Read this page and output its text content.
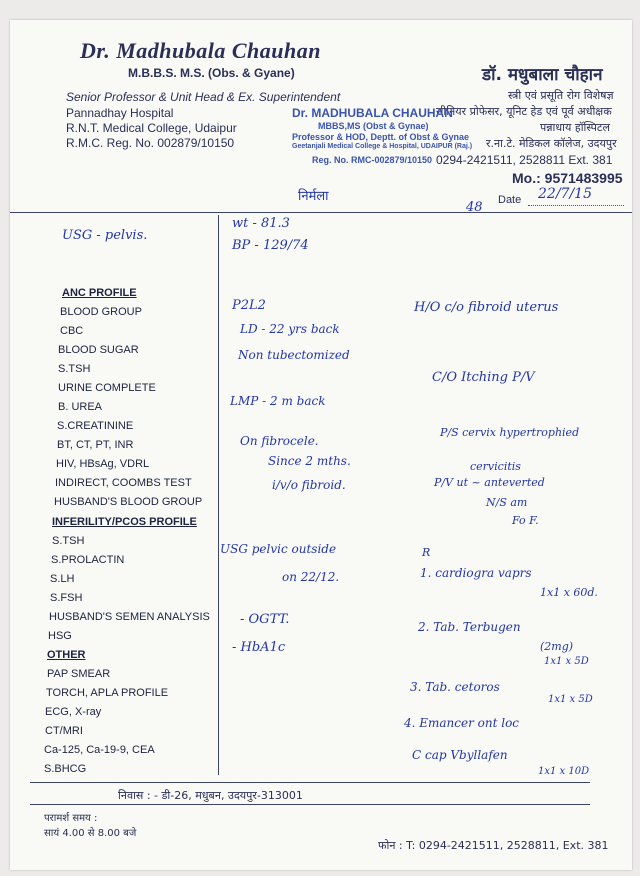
Dr. Madhubala Chauhan
M.B.B.S. M.S. (Obs. & Gyane)
Senior Professor & Unit Head & Ex. Superintendent
Pannadhay Hospital
R.N.T. Medical College, Udaipur
R.M.C. Reg. No. 002879/10150
डॉ. मधुबाला चौहान
स्त्री एवं प्रसूति रोग विशेषज्ञ
सीनियर प्रोफेसर, यूनिट हेड एवं पूर्व अधीक्षक
पन्नाधाय हॉस्पिटल
र.ना.टे. मेडिकल कॉलेज, उदयपुर
0294-2421511, 2528811 Ext. 381
Mo.: 9571483995
Date 22/7/15
Dr. MADHUBALA CHAUHAN
MBBS,MS (Obst & Gynae)
Professor & HOD, Deptt. of Obst & Gynae
Geetanjali Medical College & Hospital, UDAIPUR (Raj.)
Reg. No. RMC-002879/10150
निर्मला
48
USG - pelvis.
wt - 81.3
BP - 129/74
ANC PROFILE
BLOOD GROUP
CBC
BLOOD SUGAR
S.TSH
URINE COMPLETE
B. UREA
S.CREATININE
BT, CT, PT, INR
HIV, HBsAg, VDRL
INDIRECT, COOMBS TEST
HUSBAND'S BLOOD GROUP
INFERILITY/PCOS PROFILE
S.TSH
S.PROLACTIN
S.LH
S.FSH
HUSBAND'S SEMEN ANALYSIS
HSG
OTHER
PAP SMEAR
TORCH, APLA PROFILE
ECG, X-ray
CT/MRI
Ca-125, Ca-19-9, CEA
S.BHCG
P2L2
LD - 22 yrs back
Non tubectomized
LMP - 2 m back
On fibrocele.
Since 2 mths.
i/v/o fibroid.
H/O c/o fibroid uterus
C/O Itching P/V
P/S cervix hypertrophied
cervicitis
P/V ut ~ anteverted
N/S am
Fo F.
USG pelvic outside
on 22/12.
- OGTT.
- HbA1c
R
1. cardiogra vaprs
1x1 x 60d.
2. Tab. Terbugen
(2mg)
1x1 x 5D
3. Tab. cetoros
1x1 x 5D
4. Emancer ont loc
C cap Vbyllafen
1x1 x 10D
निवास : - डी-26, मधुबन, उदयपुर-313001
परामर्श समय :
सायं 4.00 से 8.00 बजे
फोन : T: 0294-2421511, 2528811, Ext. 381
